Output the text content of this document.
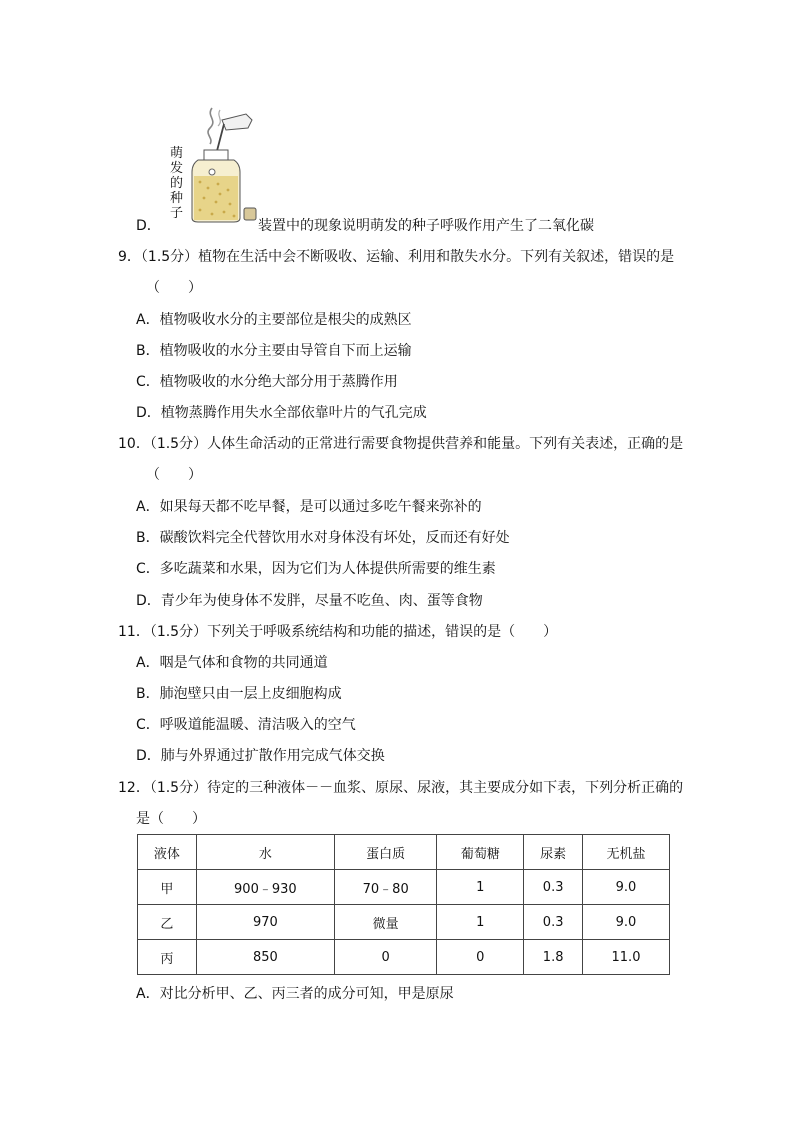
萌发的种子
D．	装置中的现象说明萌发的种子呼吸作用产生了二氧化碳
9．（1.5分）植物在生活中会不断吸收、运输、利用和散失水分。下列有关叙述，错误的是
（　　）
A．植物吸收水分的主要部位是根尖的成熟区
B．植物吸收的水分主要由导管自下而上运输
C．植物吸收的水分绝大部分用于蒸腾作用
D．植物蒸腾作用失水全部依靠叶片的气孔完成
10．（1.5分）人体生命活动的正常进行需要食物提供营养和能量。下列有关表述，正确的是
（　　）
A．如果每天都不吃早餐，是可以通过多吃午餐来弥补的
B．碳酸饮料完全代替饮用水对身体没有坏处，反而还有好处
C．多吃蔬菜和水果，因为它们为人体提供所需要的维生素
D．青少年为使身体不发胖，尽量不吃鱼、肉、蛋等食物
11．（1.5分）下列关于呼吸系统结构和功能的描述，错误的是（　　）
A．咽是气体和食物的共同通道
B．肺泡壁只由一层上皮细胞构成
C．呼吸道能温暖、清洁吸入的空气
D．肺与外界通过扩散作用完成气体交换
12．（1.5分）待定的三种液体－－血浆、原尿、尿液，其主要成分如下表，下列分析正确的
是（　　）
液体	水	蛋白质	葡萄糖	尿素	无机盐
甲	900﹣930	70﹣80	1	0.3	9.0
乙	970	微量	1	0.3	9.0
丙	850	0	0	1.8	11.0
A．对比分析甲、乙、丙三者的成分可知，甲是原尿
